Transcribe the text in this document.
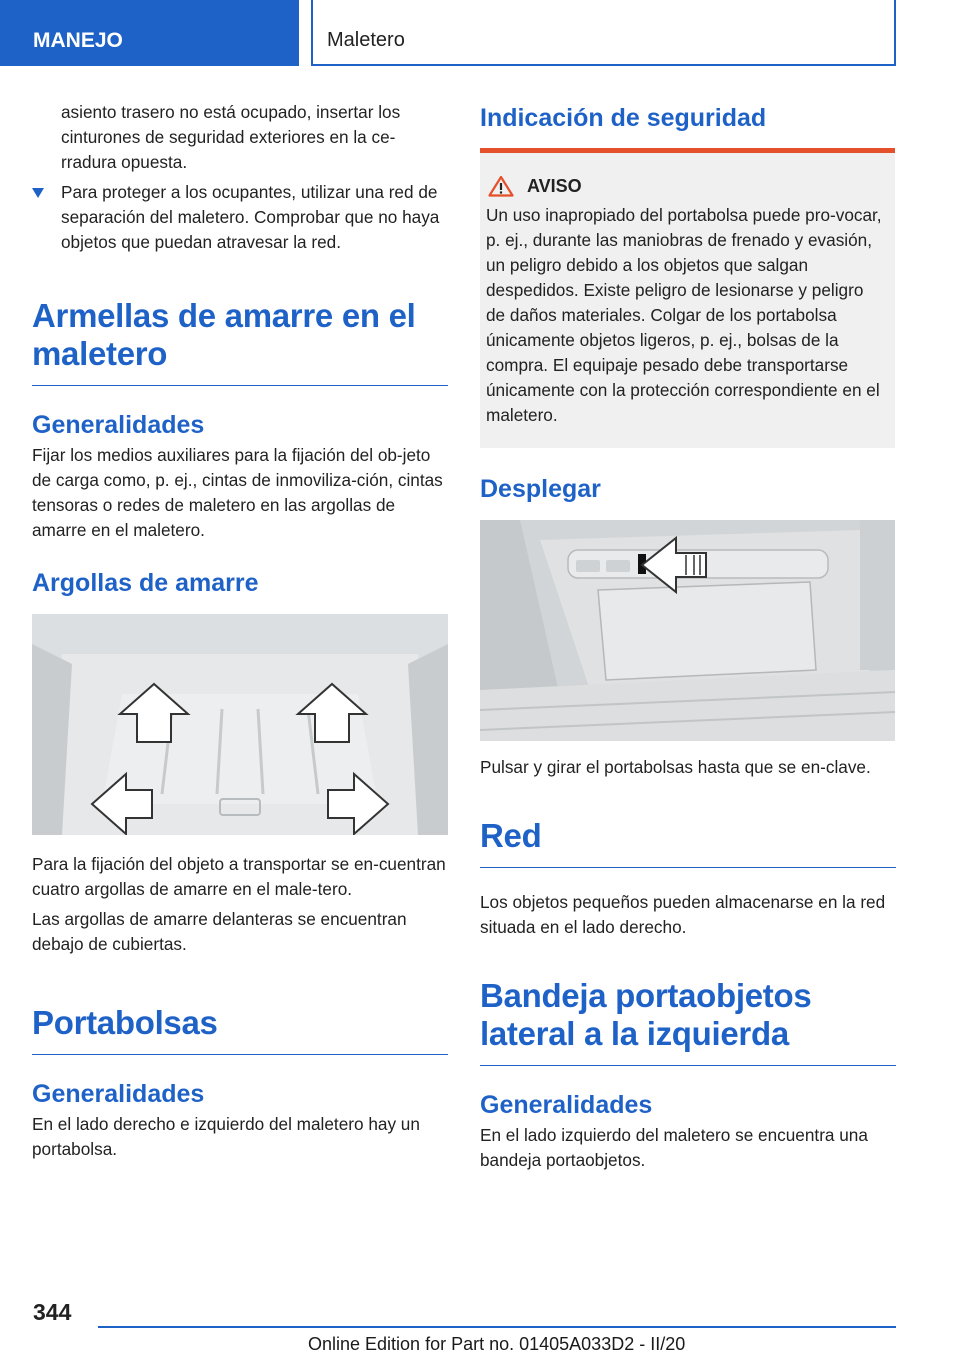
MANEJO	Maletero

asiento trasero no está ocupado, insertar los cinturones de seguridad exteriores en la ce‐rradura opuesta.

Para proteger a los ocupantes, utilizar una red de separación del maletero. Comprobar que no haya objetos que puedan atravesar la red.
Armellas de amarre en el maletero
Generalidades

Fijar los medios auxiliares para la fijación del ob‐jeto de carga como, p. ej., cintas de inmoviliza‐ción, cintas tensoras o redes de maletero en las argollas de amarre en el maletero.

Argollas de amarre

Para la fijación del objeto a transportar se en‐cuentran cuatro argollas de amarre en el male‐tero.

Las argollas de amarre delanteras se encuentran debajo de cubiertas.

Portabolsas
Generalidades

En el lado derecho e izquierdo del maletero hay un portabolsa.

Indicación de seguridad
AVISO

Un uso inapropiado del portabolsa puede pro‐vocar, p. ej., durante las maniobras de frenado y evasión, un peligro debido a los objetos que salgan despedidos. Existe peligro de lesionarse y peligro de daños materiales. Colgar de los portabolsa únicamente objetos ligeros, p. ej., bolsas de la compra. El equipaje pesado debe transportarse únicamente con la protección correspondiente en el maletero.

Desplegar

Pulsar y girar el portabolsas hasta que se en‐clave.

Red

Los objetos pequeños pueden almacenarse en la red situada en el lado derecho.

Bandeja portaobjetos lateral a la izquierda
Generalidades

En el lado izquierdo del maletero se encuentra una bandeja portaobjetos.

344
Online Edition for Part no. 01405A033D2 - II/20
